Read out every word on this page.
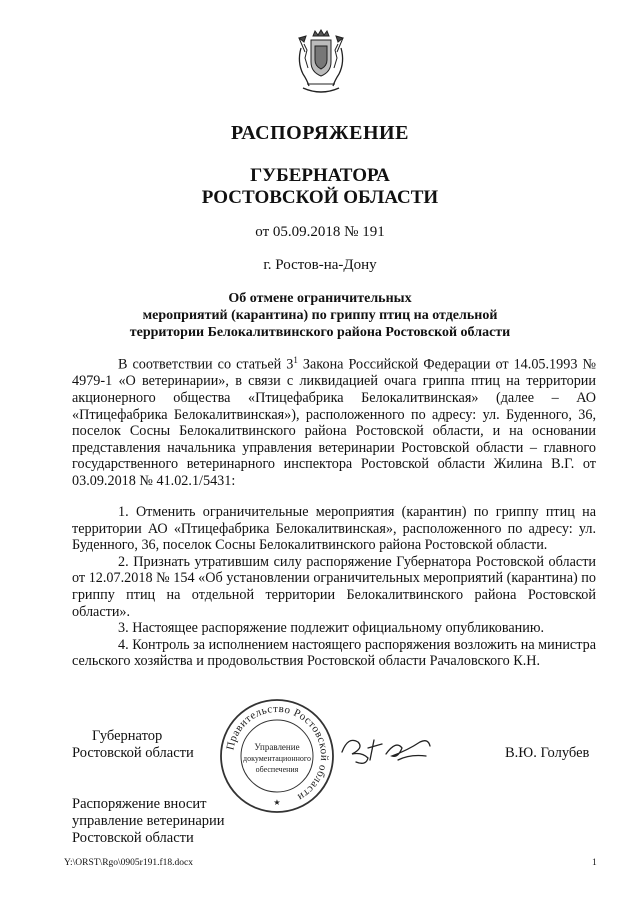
РАСПОРЯЖЕНИЕ
ГУБЕРНАТОРА
РОСТОВСКОЙ ОБЛАСТИ
от 05.09.2018 № 191
г. Ростов-на-Дону
Об отмене ограничительных
мероприятий (карантина) по гриппу птиц на отдельной
территории Белокалитвинского района Ростовской области

В соответствии со статьей $3^1$ Закона Российской Федерации от 14.05.1993 № 4979-1 «О ветеринарии», в связи с ликвидацией очага гриппа птиц на территории акционерного общества «Птицефабрика Белокалитвинская» (далее – АО «Птицефабрика Белокалитвинская»), расположенного по адресу: ул. Буденного, 36, поселок Сосны Белокалитвинского района Ростовской области, и на основании представления начальника управления ветеринарии Ростовской области – главного государственного ветеринарного инспектора Ростовской области Жилина В.Г. от 03.09.2018 № 41.02.1/5431:

1. Отменить ограничительные мероприятия (карантин) по гриппу птиц на территории АО «Птицефабрика Белокалитвинская», расположенного по адресу: ул. Буденного, 36, поселок Сосны Белокалитвинского района Ростовской области.

2. Признать утратившим силу распоряжение Губернатора Ростовской области от 12.07.2018 № 154 «Об установлении ограничительных мероприятий (карантина) по гриппу птиц на отдельной территории Белокалитвинского района Ростовской области».

3. Настоящее распоряжение подлежит официальному опубликованию.

4. Контроль за исполнением настоящего распоряжения возложить на министра сельского хозяйства и продовольствия Ростовской области Рачаловского К.Н.

Губернатор
Ростовской области	В.Ю. Голубев
Правительство Ростовской области
Управление
документационного
обеспечения
★
Распоряжение вносит
управление ветеринарии
Ростовской области
Y:\ORST\Rgo\0905r191.f18.docx	1
